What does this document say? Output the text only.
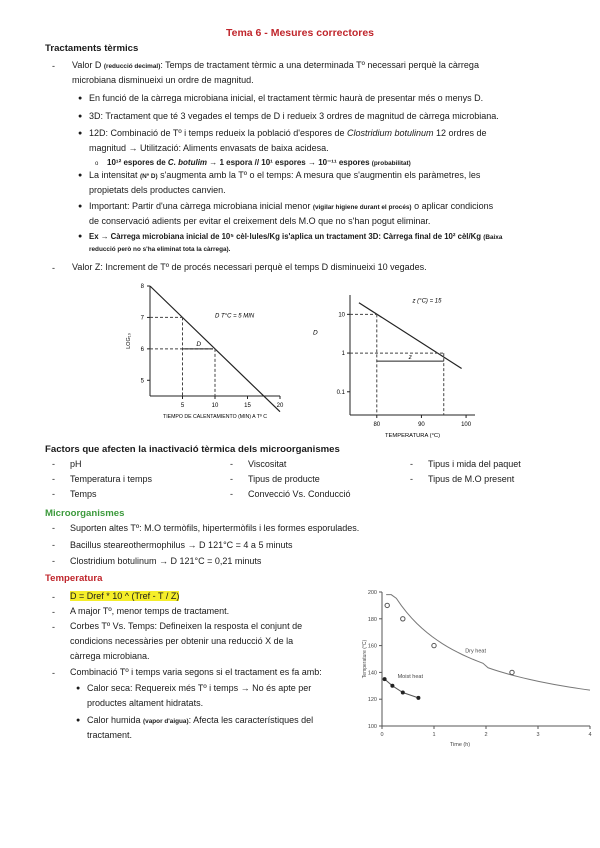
Tema 6 - Mesures correctores
Tractaments tèrmics
- Valor D (reducció decimal): Temps de tractament tèrmic a una determinada Tº necessari perquè la càrrega
microbiana disminueixi un ordre de magnitud.
● En funció de la càrrega microbiana inicial, el tractament tèrmic haurà de presentar més o menys D.
● 3D: Tractament que té 3 vegades el temps de D i redueix 3 ordres de magnitud de càrrega microbiana.
● 12D: Combinació de Tº i temps redueix la població d'espores de Clostridium botulinum 12 ordres de
magnitud → Utilització: Aliments envasats de baixa acidesa.
o 10¹² espores de C. botulim → 1 espora // 10¹ espores → 10⁻¹¹ espores (probabilitat)
● La intensitat (Nº D) s'augmenta amb la Tº o el temps: A mesura que s'augmentin els paràmetres, les
propietats dels productes canvien.
● Important: Partir d'una càrrega microbiana inicial menor (vigilar higiene durant el procés) o aplicar condicions
de conservació adients per evitar el creixement dels M.O que no s'han pogut eliminar.
● Ex → Càrrega microbiana inicial de 10⁵ cèl·lules/Kg is'aplica un tractament 3D: Càrrega final de 10² cèl/Kg (Baixa
reducció però no s'ha eliminat tota la càrrega).
- Valor Z: Increment de Tº de procés necessari perquè el temps D disminueixi 10 vegades.
5
6
7
8
5	10	15	20
D
D T°C = 5 MIN
LOG₁₀
TIEMPO DE CALENTAMIENTO (MIN) A Tº C
10
1
0.1
80	90	100
z
z (°C) = 15
D
TEMPERATURA (°C)
Factors que afecten la inactivació tèrmica dels microorganismes
- pH
- Temperatura i temps
- Temps
- Viscositat
- Tipus de producte
- Convecció Vs. Conducció
- Tipus i mida del paquet
- Tipus de M.O present
Microorganismes
- Suporten altes Tº: M.O termòfils, hipertermòfils i les formes esporulades.
- Bacillus steareothermophilus → D 121°C = 4 a 5 minuts
- Clostridium botulinum → D 121°C = 0,21 minuts
Temperatura
- D = Dref * 10 ^ (Tref - T / Z)
- A major Tº, menor temps de tractament.
- Corbes Tº Vs. Temps: Defineixen la resposta el conjunt de
condicions necessàries per obtenir una reducció X de la
càrrega microbiana.
- Combinació Tº i temps varia segons si el tractament es fa amb:
● Calor seca: Requereix més Tº i temps → No és apte per
productes altament hidratats.
● Calor humida (vapor d'aigua): Afecta les característiques del
tractament.
200
180
160
140
120
100
0	1	2	3	4
Dry heat
Moist heat
Temperature (°C)
Time (h)
